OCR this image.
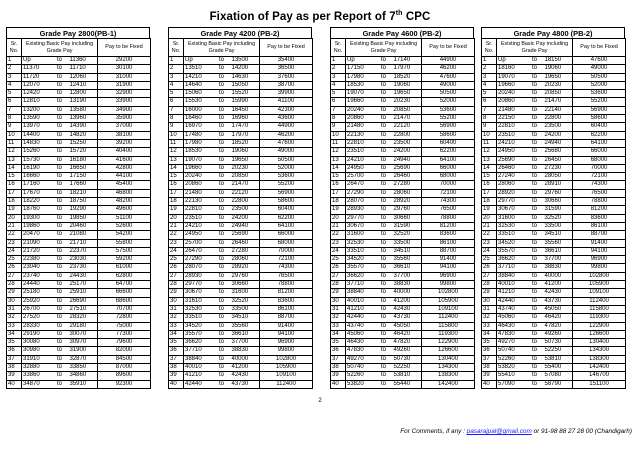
Fixation of Pay as per Report of 7th CPC
Grade Pay 2800(PB-1)
Sr. No.	Existing Basic Pay including Grade Pay			Pay to be Fixed
1	Up	to	11360	29200
2	11370	to	11710	30100
3	11720	to	12060	31000
4	12070	to	12410	31900
5	12420	to	12800	32900
6	12810	to	13190	33900
7	13200	to	13580	34900
8	13590	to	13960	35900
9	13970	to	14390	37000
10	14400	to	14820	38100
11	14830	to	15250	39200
12	15260	to	15720	40400
13	15730	to	16180	41600
14	16190	to	16650	42800
15	16660	to	17150	44100
16	17160	to	17660	45400
17	17670	to	18210	46800
18	18220	to	18750	48200
19	18760	to	19290	49600
20	19300	to	19850	51100
21	19860	to	20460	52600
22	20470	to	21080	54200
23	21090	to	21710	55800
24	21720	to	22370	57500
25	22380	to	23030	59200
26	23040	to	23730	61000
27	23740	to	24430	62800
28	24440	to	25170	64700
29	25180	to	25910	66600
30	25920	to	26690	68600
31	26700	to	27510	70700
32	27520	to	28320	72800
33	28330	to	29180	75000
34	29190	to	30070	77300
35	30080	to	30970	79600
36	30980	to	31900	82000
37	31910	to	32870	84500
38	32880	to	33850	87000
39	33860	to	34860	89600
40	34870	to	35910	92300
Grade Pay 4200 (PB-2)
Sr. No.	Existing Basic Pay including Grade Pay			Pay to be Fixed
1	Up	to	13500	35400
2	13510	to	14200	36500
3	14210	to	14630	37600
4	14640	to	15050	38700
5	15060	to	15520	39900
6	15530	to	15990	41100
7	16000	to	16450	42300
8	16460	to	16960	43600
9	16970	to	17470	44900
10	17480	to	17970	46200
11	17980	to	18520	47600
12	18530	to	19060	49000
13	19070	to	19650	50500
14	19660	to	20230	52000
15	20240	to	20850	53600
16	20860	to	21470	55200
17	21480	to	22120	56900
18	22130	to	22800	58600
19	22810	to	23500	60400
20	23510	to	24200	62200
21	24210	to	24940	64100
22	24950	to	25690	66000
23	25700	to	26460	68000
24	26470	to	27280	70000
25	27290	to	28060	72100
26	28070	to	28920	74300
27	28930	to	29760	76500
28	29770	to	30660	78800
29	30670	to	31600	81200
30	31610	to	32520	83600
31	32530	to	33500	86100
32	33510	to	34510	88700
33	34520	to	35560	91400
34	35570	to	36610	94100
35	36620	to	37700	96900
36	37710	to	38830	99800
37	38840	to	40000	102800
38	40010	to	41200	105900
39	41210	to	42430	109100
40	42440	to	43730	112400
Grade Pay 4600 (PB-2)
Sr. No.	Existing Basic Pay including Grade Pay			Pay to be Fixed
1	Up	to	17140	44900
2	17150	to	17970	46200
3	17980	to	18520	47600
4	18530	to	19060	49000
5	19070	to	19650	50500
6	19660	to	20230	52000
7	20240	to	20850	53600
8	20860	to	21470	55200
9	21480	to	22120	56900
10	22130	to	22800	58600
11	22810	to	23500	60400
12	23510	to	24200	62200
13	24210	to	24940	64100
14	24950	to	25690	66000
15	25700	to	26460	68000
16	26470	to	27280	70000
17	27290	to	28060	72100
18	28070	to	28920	74300
19	28930	to	29760	76500
20	29770	to	30660	78800
21	30670	to	31590	81200
22	31600	to	32520	83600
23	32530	to	33500	86100
24	33510	to	34510	88700
25	34520	to	35560	91400
26	35570	to	36610	94100
27	36620	to	37700	96900
28	37710	to	38830	99800
29	38840	to	40000	102800
30	40010	to	41200	105900
31	41210	to	42430	109100
32	42440	to	43730	112400
33	43740	to	45050	115800
34	45060	to	46420	119300
35	46430	to	47820	122900
36	47830	to	49260	126600
37	49270	to	50730	130400
38	50740	to	52250	134300
39	52260	to	53810	138300
40	53820	to	55440	142400
Grade Pay 4800 (PB-2)
Sr. No.	Existing Basic Pay including Grade Pay			Pay to be Fixed
1	Up	to	18150	47600
2	18160	to	19060	49000
3	19070	to	19650	50500
4	19660	to	20230	52000
5	20240	to	20850	53600
6	20860	to	21470	55200
7	21480	to	22140	56900
8	22150	to	22800	58600
9	22810	to	23500	60400
10	23510	to	24200	62200
11	24210	to	24940	64100
12	24950	to	25680	66000
13	25690	to	26450	68000
14	26460	to	27230	70000
15	27240	to	28050	72100
16	28060	to	28910	74300
17	28920	to	29760	76500
18	29770	to	30660	78800
19	30670	to	31590	81200
20	31600	to	32520	83600
21	32530	to	33500	86100
22	33510	to	34510	88700
23	34520	to	35560	91400
24	35570	to	36610	94100
25	36620	to	37700	96900
26	37710	to	38830	99800
27	38840	to	40000	102800
28	40010	to	41200	105900
29	41210	to	42430	109100
30	42440	to	43730	112400
31	43740	to	45050	115800
32	45060	to	46420	119300
33	46430	to	47820	122900
34	47830	to	49260	126600
35	49270	to	50730	130400
36	50740	to	52250	134300
37	52260	to	53810	138300
38	53820	to	55400	142400
39	55410	to	57080	146700
40	57090	to	58790	151100
2
For Comments, if any : pasarajpal@gmail.com or 91-98 88 27 28 00 (Chandigarh)
